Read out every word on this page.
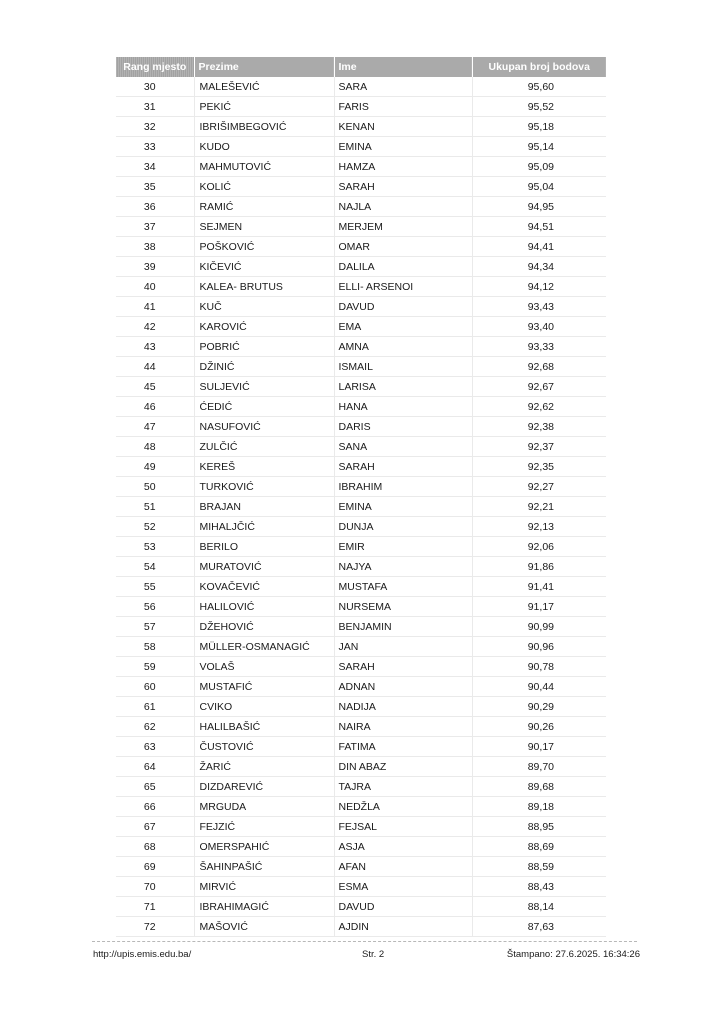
Rang mjesto	Prezime	Ime	Ukupan broj bodova
30	MALEŠEVIĆ	SARA	95,60
31	PEKIĆ	FARIS	95,52
32	IBRIŠIMBEGOVIĆ	KENAN	95,18
33	KUDO	EMINA	95,14
34	MAHMUTOVIĆ	HAMZA	95,09
35	KOLIĆ	SARAH	95,04
36	RAMIĆ	NAJLA	94,95
37	SEJMEN	MERJEM	94,51
38	POŠKOVIĆ	OMAR	94,41
39	KIČEVIĆ	DALILA	94,34
40	KALEA- BRUTUS	ELLI- ARSENOI	94,12
41	KUČ	DAVUD	93,43
42	KAROVIĆ	EMA	93,40
43	POBRIĆ	AMNA	93,33
44	DŽINIĆ	ISMAIL	92,68
45	SULJEVIĆ	LARISA	92,67
46	ĆEDIĆ	HANA	92,62
47	NASUFOVIĆ	DARIS	92,38
48	ZULČIĆ	SANA	92,37
49	KEREŠ	SARAH	92,35
50	TURKOVIĆ	IBRAHIM	92,27
51	BRAJAN	EMINA	92,21
52	MIHALJČIĆ	DUNJA	92,13
53	BERILO	EMIR	92,06
54	MURATOVIĆ	NAJYA	91,86
55	KOVAČEVIĆ	MUSTAFA	91,41
56	HALILOVIĆ	NURSEMA	91,17
57	DŽEHOVIĆ	BENJAMIN	90,99
58	MÜLLER-OSMANAGIĆ	JAN	90,96
59	VOLAŠ	SARAH	90,78
60	MUSTAFIĆ	ADNAN	90,44
61	CVIKO	NADIJA	90,29
62	HALILBAŠIĆ	NAIRA	90,26
63	ČUSTOVIĆ	FATIMA	90,17
64	ŽARIĆ	DIN ABAZ	89,70
65	DIZDAREVIĆ	TAJRA	89,68
66	MRGUDA	NEDŽLA	89,18
67	FEJZIĆ	FEJSAL	88,95
68	OMERSPAHIĆ	ASJA	88,69
69	ŠAHINPAŠIĆ	AFAN	88,59
70	MIRVIĆ	ESMA	88,43
71	IBRAHIMAGIĆ	DAVUD	88,14
72	MAŠOVIĆ	AJDIN	87,63
http://upis.emis.edu.ba/	Str. 2	Štampano: 27.6.2025. 16:34:26
